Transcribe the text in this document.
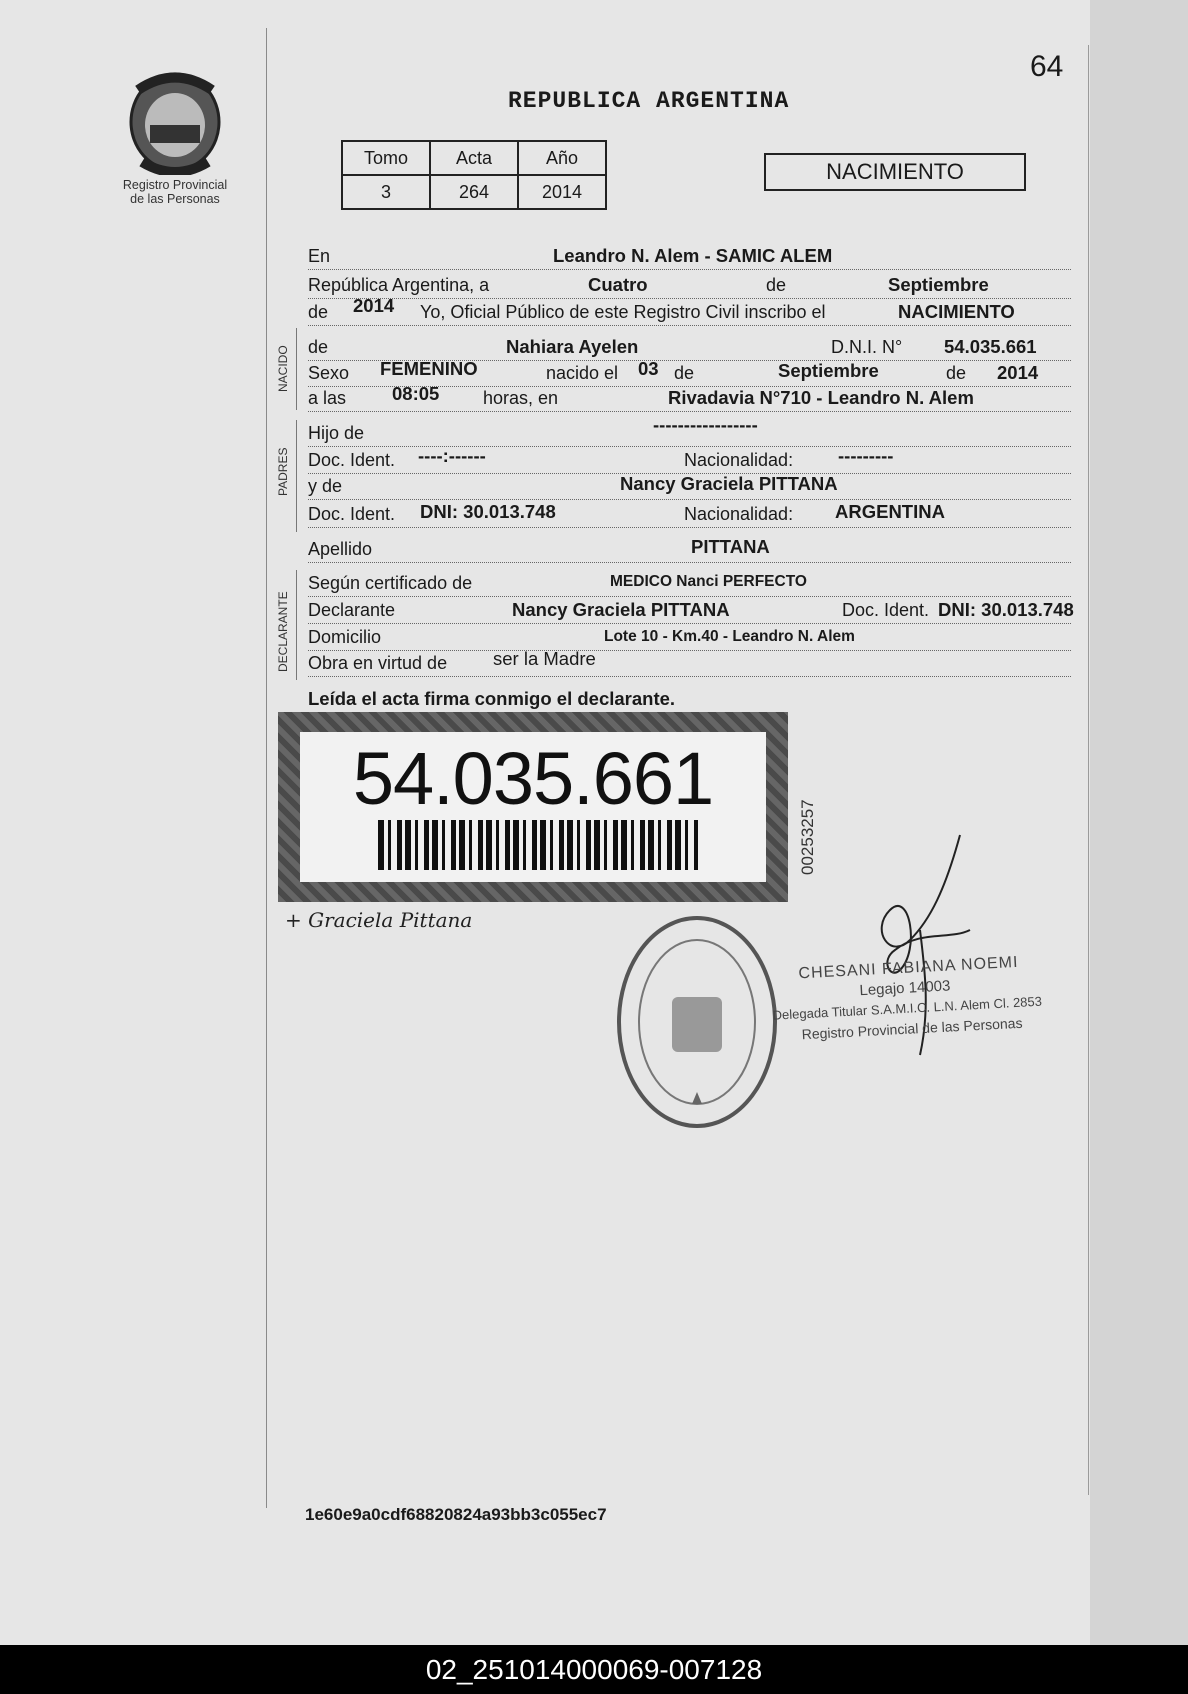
64
Registro Provincial
de las Personas
REPUBLICA ARGENTINA
Tomo	Acta	Año
3	264	2014
NACIMIENTO
En	Leandro N. Alem - SAMIC ALEM
República Argentina, a	Cuatro	de	Septiembre
de 2014 Yo, Oficial Público de este Registro Civil inscribo el	NACIMIENTO
NACIDO de	Nahiara Ayelen	D.N.I. N° 54.035.661
Sexo FEMENINO	nacido el 03 de	Septiembre	de 2014
a las 08:05 horas, en	Rivadavia N°710 - Leandro N. Alem
PADRES
Hijo de	-----------------
Doc. Ident. ----:------	Nacionalidad: ---------
y de	Nancy Graciela PITTANA
Doc. Ident. DNI: 30.013.748	Nacionalidad: ARGENTINA
Apellido	PITTANA
DECLARANTE
Según certificado de	MEDICO Nanci PERFECTO
Declarante	Nancy Graciela PITTANA	Doc. Ident. DNI: 30.013.748
Domicilio	Lote 10 - Km.40 - Leandro N. Alem
Obra en virtud de ser la Madre
Leída el acta firma conmigo el declarante.
54.035.661
00253257
+ Graciela Pittana
CHESANI FABIANA NOEMI
Legajo 14003
Delegada Titular S.A.M.I.C. L.N. Alem Cl. 2853
Registro Provincial de las Personas
1e60e9a0cdf68820824a93bb3c055ec7
02_251014000069-007128
